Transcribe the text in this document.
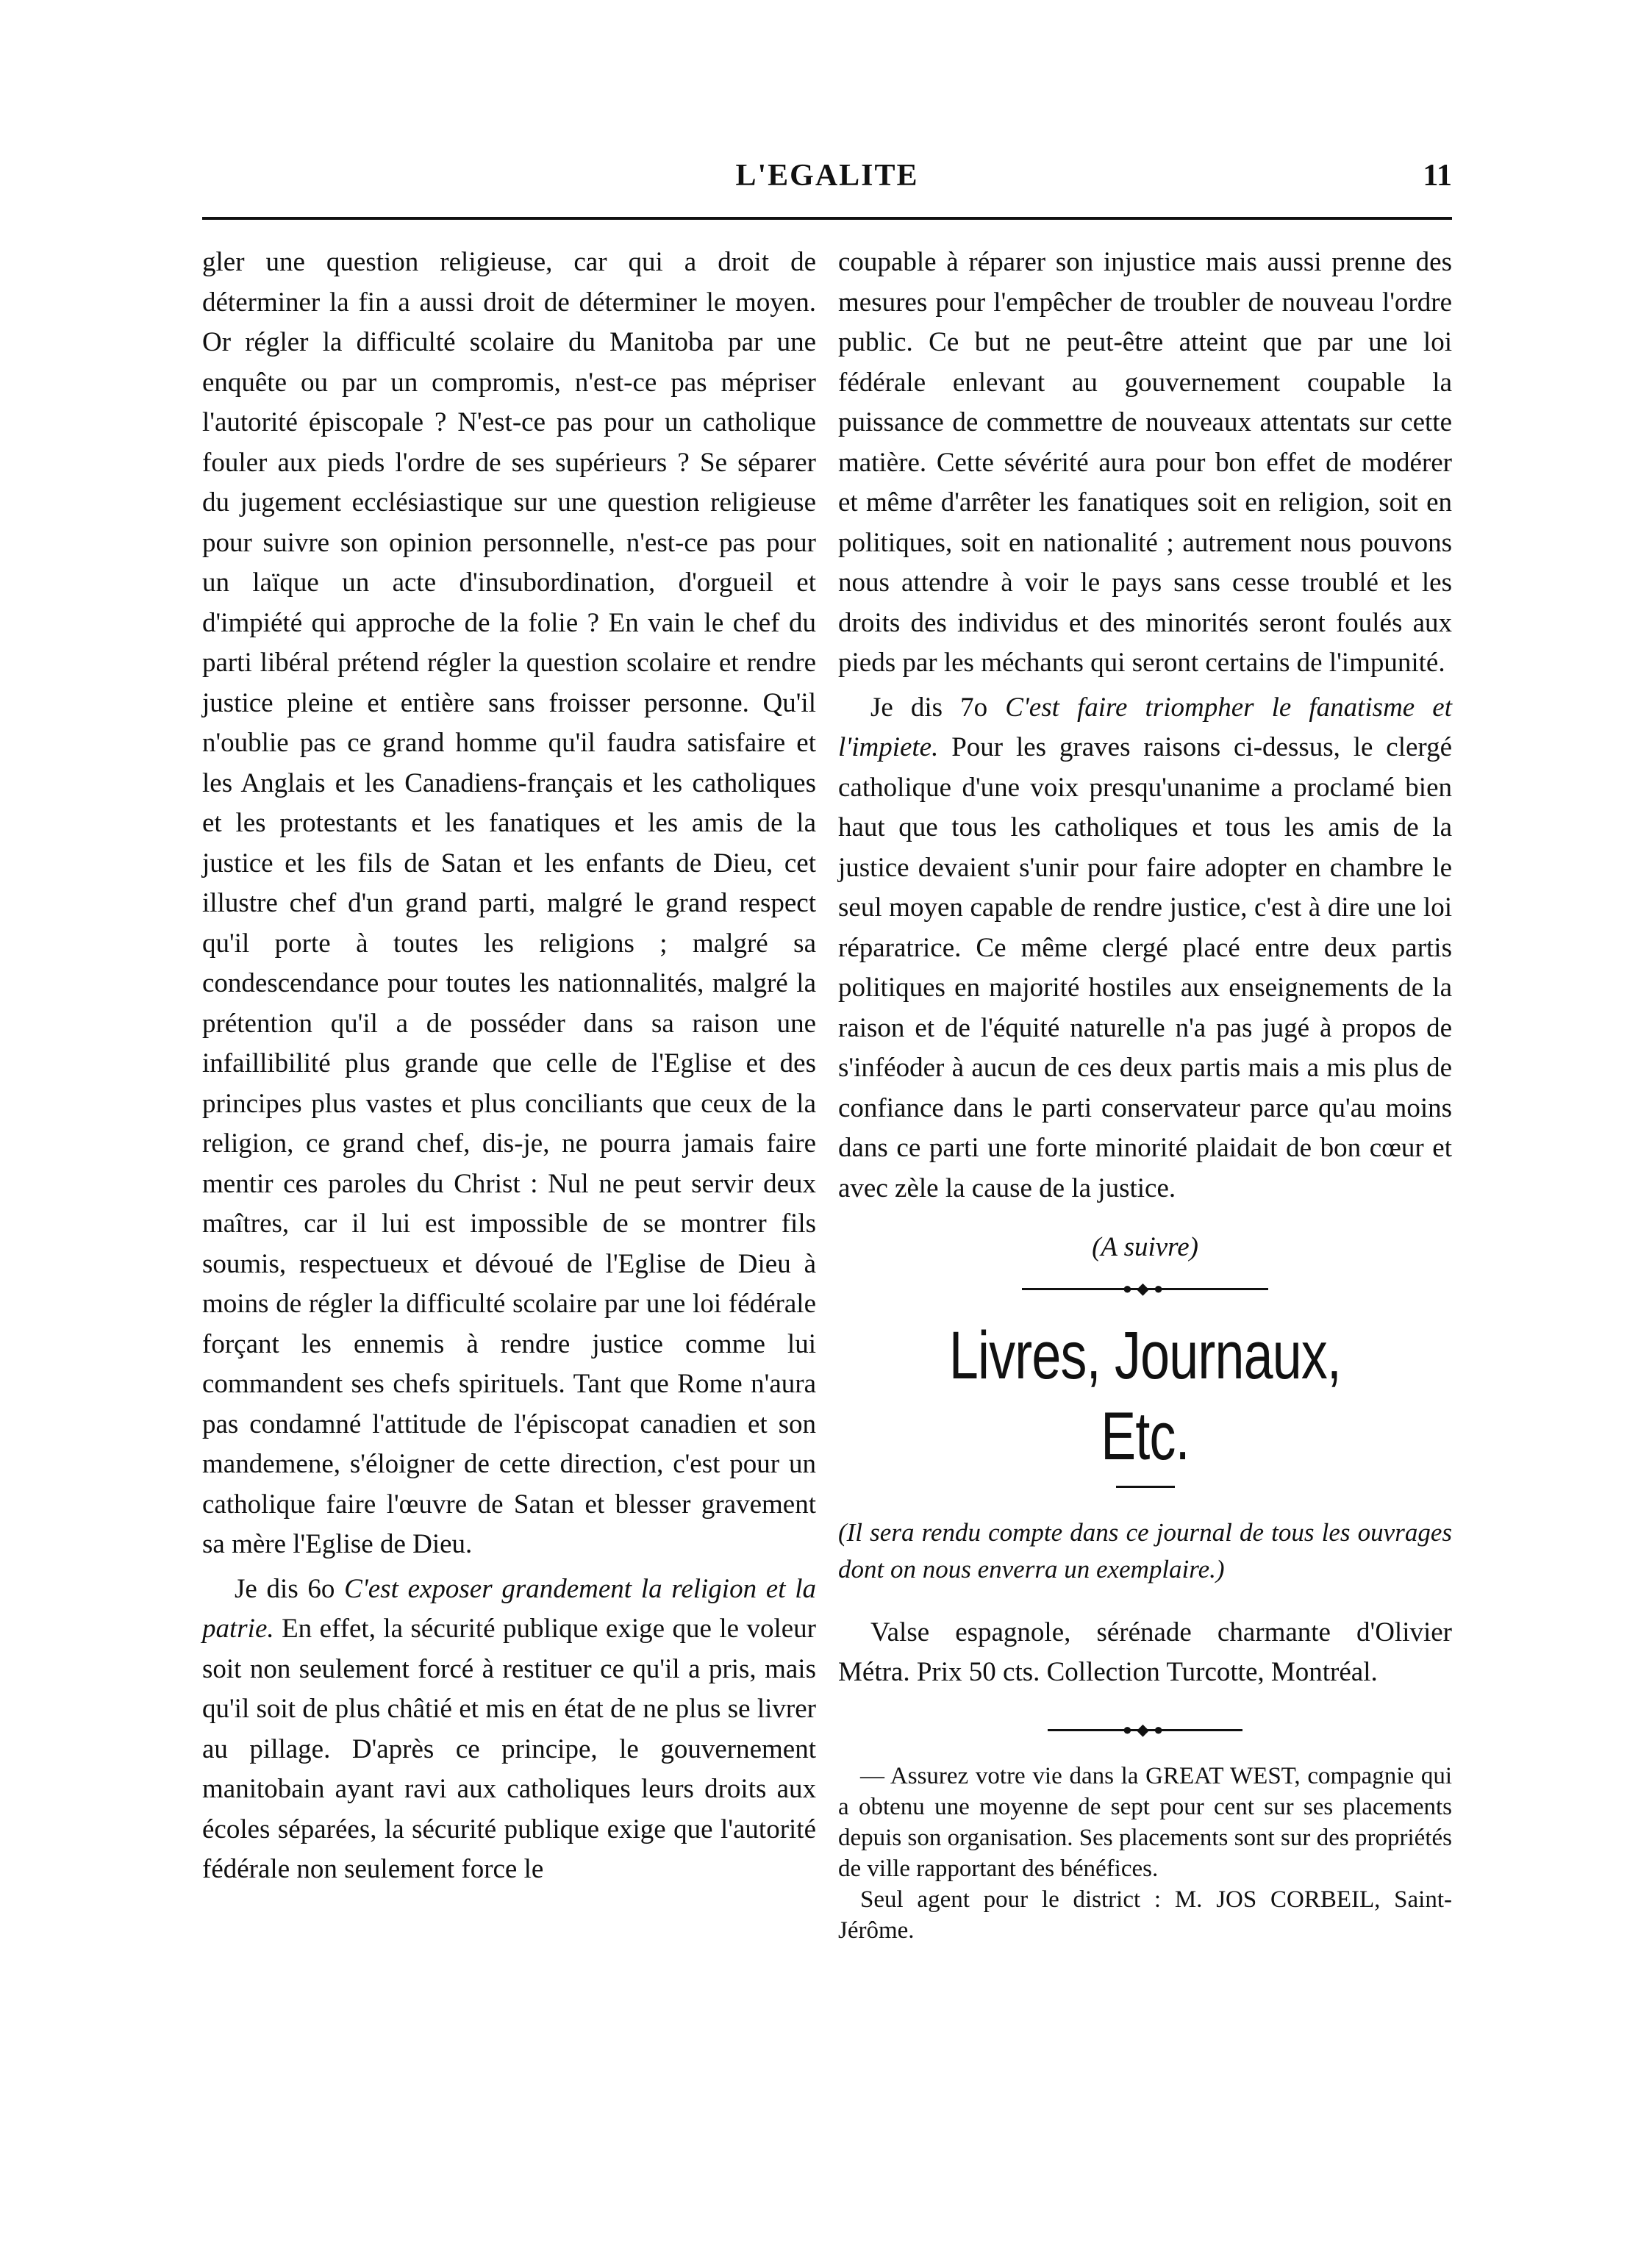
L'EGALITE	11

gler une question religieuse, car qui a droit de déterminer la fin a aussi droit de déterminer le moyen. Or régler la difficulté scolaire du Manitoba par une enquête ou par un compromis, n'est-ce pas mépriser l'autorité épiscopale ? N'est-ce pas pour un catholique fouler aux pieds l'ordre de ses supérieurs ? Se séparer du jugement ecclésiastique sur une question religieuse pour suivre son opinion personnelle, n'est-ce pas pour un laïque un acte d'insubordination, d'orgueil et d'impiété qui approche de la folie ? En vain le chef du parti libéral prétend régler la question scolaire et rendre justice pleine et entière sans froisser personne. Qu'il n'oublie pas ce grand homme qu'il faudra satisfaire et les Anglais et les Canadiens-français et les catholiques et les protestants et les fanatiques et les amis de la justice et les fils de Satan et les enfants de Dieu, cet illustre chef d'un grand parti, malgré le grand respect qu'il porte à toutes les religions ; malgré sa condescendance pour toutes les nationnalités, malgré la prétention qu'il a de posséder dans sa raison une infaillibilité plus grande que celle de l'Eglise et des principes plus vastes et plus conciliants que ceux de la religion, ce grand chef, dis-je, ne pourra jamais faire mentir ces paroles du Christ : Nul ne peut servir deux maîtres, car il lui est impossible de se montrer fils soumis, respectueux et dévoué de l'Eglise de Dieu à moins de régler la difficulté scolaire par une loi fédérale forçant les ennemis à rendre justice comme lui commandent ses chefs spirituels. Tant que Rome n'aura pas condamné l'attitude de l'épiscopat canadien et son mandemene, s'éloigner de cette direction, c'est pour un catholique faire l'œuvre de Satan et blesser gravement sa mère l'Eglise de Dieu.

Je dis 6o C'est exposer grandement la religion et la patrie. En effet, la sécurité publique exige que le voleur soit non seulement forcé à restituer ce qu'il a pris, mais qu'il soit de plus châtié et mis en état de ne plus se livrer au pillage. D'après ce principe, le gouvernement manitobain ayant ravi aux catholiques leurs droits aux écoles séparées, la sécurité publique exige que l'autorité fédérale non seulement force le

coupable à réparer son injustice mais aussi prenne des mesures pour l'empêcher de troubler de nouveau l'ordre public. Ce but ne peut-être atteint que par une loi fédérale enlevant au gouvernement coupable la puissance de commettre de nouveaux attentats sur cette matière. Cette sévérité aura pour bon effet de modérer et même d'arrêter les fanatiques soit en religion, soit en politiques, soit en nationalité ; autrement nous pouvons nous attendre à voir le pays sans cesse troublé et les droits des individus et des minorités seront foulés aux pieds par les méchants qui seront certains de l'impunité.

Je dis 7o C'est faire triompher le fanatisme et l'impiete. Pour les graves raisons ci-dessus, le clergé catholique d'une voix presqu'unanime a proclamé bien haut que tous les catholiques et tous les amis de la justice devaient s'unir pour faire adopter en chambre le seul moyen capable de rendre justice, c'est à dire une loi réparatrice. Ce même clergé placé entre deux partis politiques en majorité hostiles aux enseignements de la raison et de l'équité naturelle n'a pas jugé à propos de s'inféoder à aucun de ces deux partis mais a mis plus de confiance dans le parti conservateur parce qu'au moins dans ce parti une forte minorité plaidait de bon cœur et avec zèle la cause de la justice.

(A suivre)

●◆●

Livres, Journaux, Etc.

(Il sera rendu compte dans ce journal de tous les ouvrages dont on nous enverra un exemplaire.)

Valse espagnole, sérénade charmante d'Olivier Métra. Prix 50 cts. Collection Turcotte, Montréal.

●◆●

— Assurez votre vie dans la GREAT WEST, compagnie qui a obtenu une moyenne de sept pour cent sur ses placements depuis son organisation. Ses placements sont sur des propriétés de ville rapportant des bénéfices.

Seul agent pour le district : M. JOS CORBEIL, Saint-Jérôme.
